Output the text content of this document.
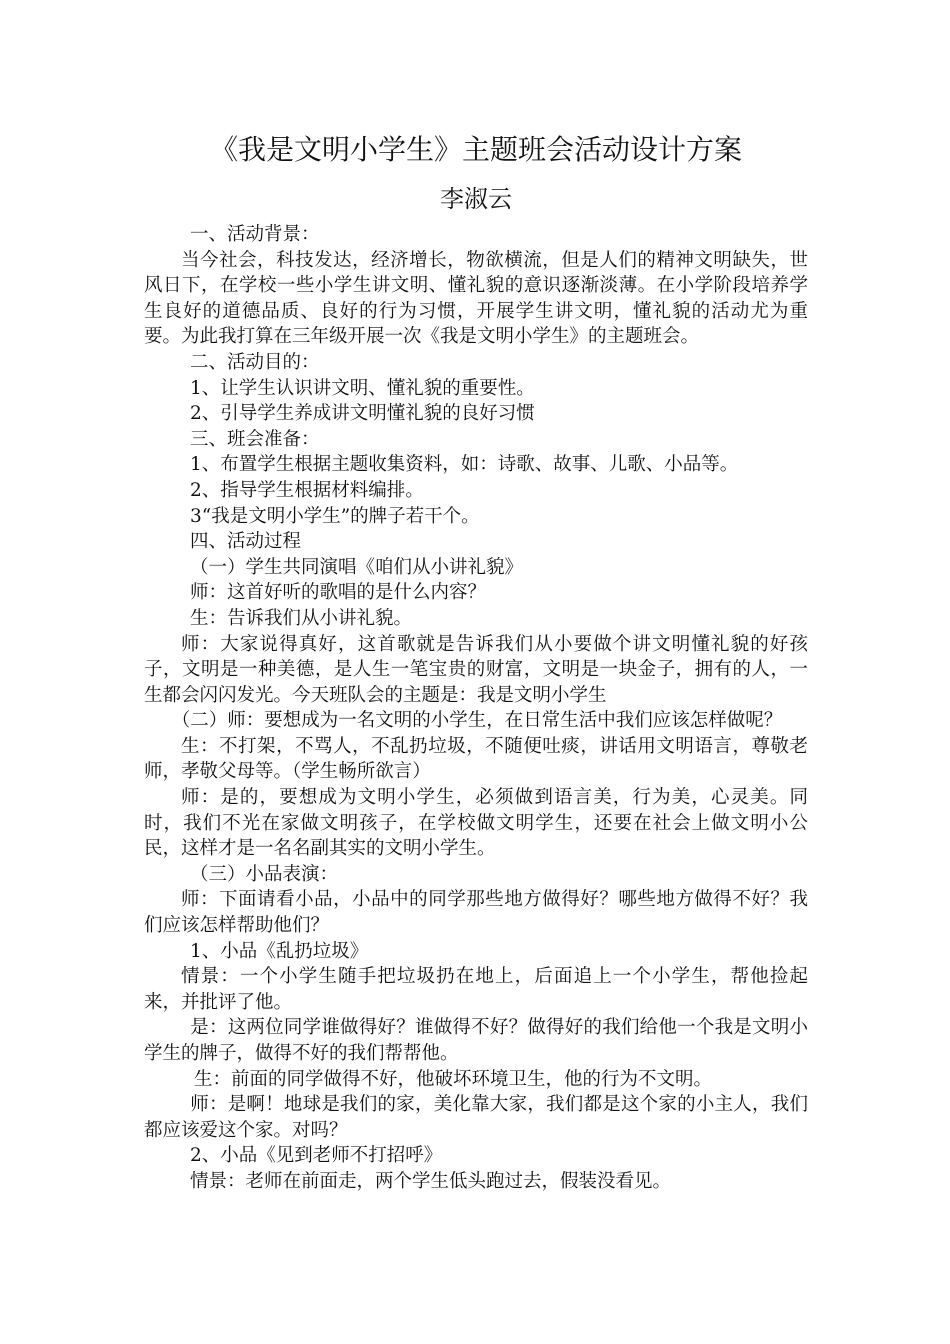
《我是文明小学生》主题班会活动设计方案
李淑云

一、活动背景：

当今社会，科技发达，经济增长，物欲横流，但是人们的精神文明缺失，世风日下，在学校一些小学生讲文明、懂礼貌的意识逐渐淡薄。在小学阶段培养学生良好的道德品质、良好的行为习惯，开展学生讲文明，懂礼貌的活动尤为重要。为此我打算在三年级开展一次《我是文明小学生》的主题班会。

二、活动目的：

1、让学生认识讲文明、懂礼貌的重要性。

2、引导学生养成讲文明懂礼貌的良好习惯

三、班会准备：

1、布置学生根据主题收集资料，如：诗歌、故事、儿歌、小品等。

2、指导学生根据材料编排。

3“我是文明小学生”的牌子若干个。

四、活动过程

（一）学生共同演唱《咱们从小讲礼貌》

师：这首好听的歌唱的是什么内容？

生：告诉我们从小讲礼貌。

师：大家说得真好，这首歌就是告诉我们从小要做个讲文明懂礼貌的好孩子，文明是一种美德，是人生一笔宝贵的财富，文明是一块金子，拥有的人，一生都会闪闪发光。今天班队会的主题是：我是文明小学生

（二）师：要想成为一名文明的小学生，在日常生活中我们应该怎样做呢？

生：不打架，不骂人，不乱扔垃圾，不随便吐痰，讲话用文明语言，尊敬老师，孝敬父母等。（学生畅所欲言）

师：是的，要想成为文明小学生，必须做到语言美，行为美，心灵美。同时，我们不光在家做文明孩子，在学校做文明学生，还要在社会上做文明小公民，这样才是一名名副其实的文明小学生。

（三）小品表演：

师：下面请看小品，小品中的同学那些地方做得好？哪些地方做得不好？我们应该怎样帮助他们？

1、小品《乱扔垃圾》

情景：一个小学生随手把垃圾扔在地上，后面追上一个小学生，帮他捡起来，并批评了他。

是：这两位同学谁做得好？谁做得不好？做得好的我们给他一个我是文明小学生的牌子，做得不好的我们帮帮他。

生：前面的同学做得不好，他破坏环境卫生，他的行为不文明。

师：是啊！地球是我们的家，美化靠大家，我们都是这个家的小主人，我们都应该爱这个家。对吗？

2、小品《见到老师不打招呼》

情景：老师在前面走，两个学生低头跑过去，假装没看见。
